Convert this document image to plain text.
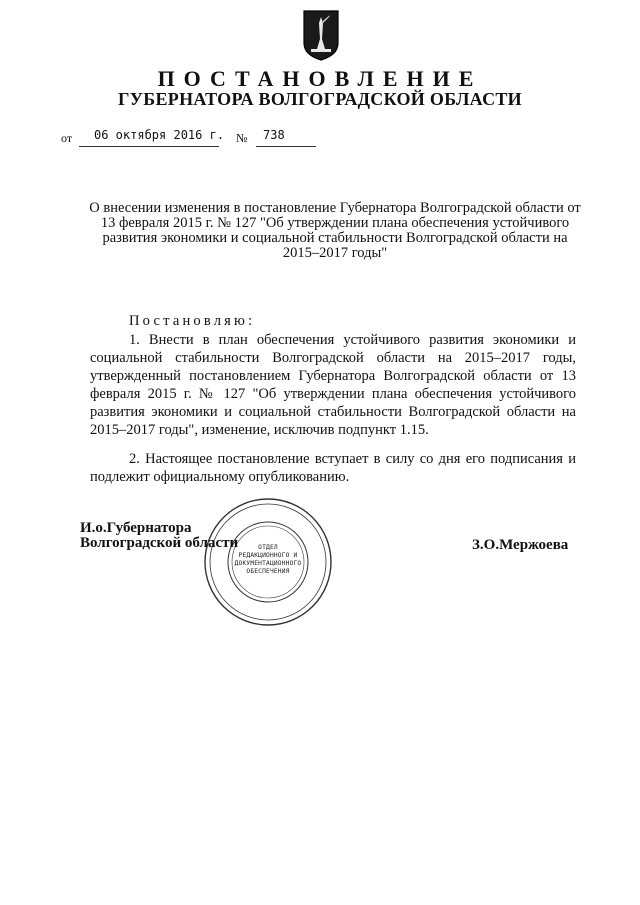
ПОСТАНОВЛЕНИЕ
ГУБЕРНАТОРА ВОЛГОГРАДСКОЙ ОБЛАСТИ
от 06 октября 2016 г. № 738
О внесении изменения в постановление Губернатора Волгоградской области от 13 февраля 2015 г. № 127 "Об утверждении плана обеспечения устойчивого развития экономики и социальной стабильности Волгоградской области на 2015–2017 годы"
Постановляю:
1. Внести в план обеспечения устойчивого развития экономики и социальной стабильности Волгоградской области на 2015–2017 годы, утвержденный постановлением Губернатора Волгоградской области от 13 февраля 2015 г. № 127 "Об утверждении плана обеспечения устойчивого развития экономики и социальной стабильности Волгоградской области на 2015–2017 годы", изменение, исключив подпункт 1.15.
2. Настоящее постановление вступает в силу со дня его подписания и подлежит официальному опубликованию.
ОТДЕЛ
РЕДАКЦИОННОГО И
ДОКУМЕНТАЦИОННОГО
ОБЕСПЕЧЕНИЯ
И.о.Губернатора
Волгоградской области	З.О.Мержоева
